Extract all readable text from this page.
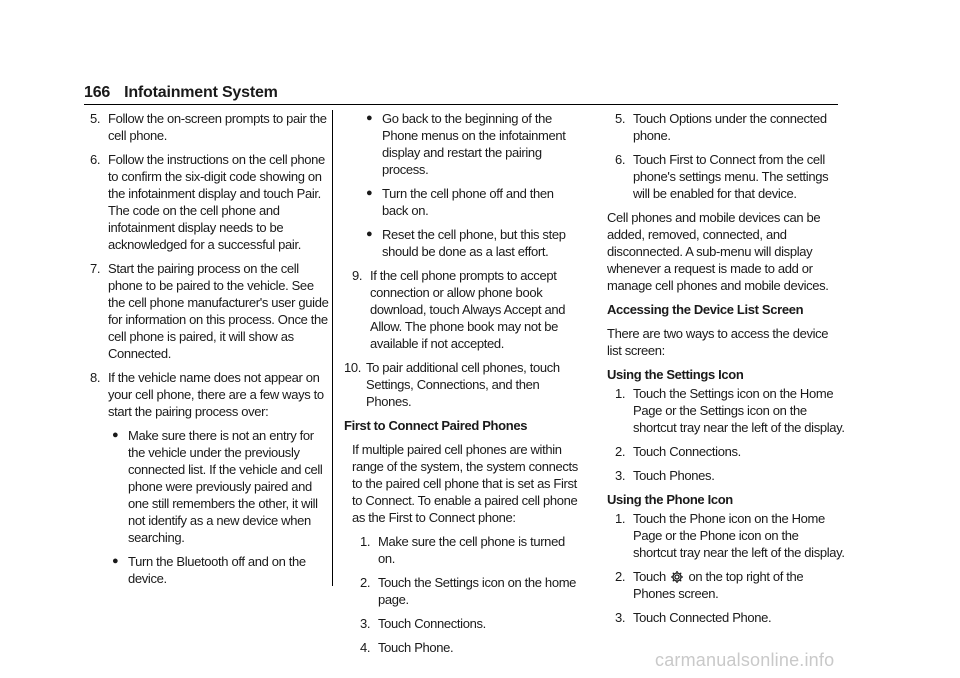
166 Infotainment System
5. Follow the on-screen prompts to pair the cell phone.
6. Follow the instructions on the cell phone to confirm the six-digit code showing on the infotainment display and touch Pair. The code on the cell phone and infotainment display needs to be acknowledged for a successful pair.
7. Start the pairing process on the cell phone to be paired to the vehicle. See the cell phone manufacturer's user guide for information on this process. Once the cell phone is paired, it will show as Connected.
8. If the vehicle name does not appear on your cell phone, there are a few ways to start the pairing process over:
● Make sure there is not an entry for the vehicle under the previously connected list. If the vehicle and cell phone were previously paired and one still remembers the other, it will not identify as a new device when searching.
● Turn the Bluetooth off and on the device.
● Go back to the beginning of the Phone menus on the infotainment display and restart the pairing process.
● Turn the cell phone off and then back on.
● Reset the cell phone, but this step should be done as a last effort.
9. If the cell phone prompts to accept connection or allow phone book download, touch Always Accept and Allow. The phone book may not be available if not accepted.
10. To pair additional cell phones, touch Settings, Connections, and then Phones.

First to Connect Paired Phones

If multiple paired cell phones are within range of the system, the system connects to the paired cell phone that is set as First to Connect. To enable a paired cell phone as the First to Connect phone:

1. Make sure the cell phone is turned on.
2. Touch the Settings icon on the home page.
3. Touch Connections.
4. Touch Phone.
5. Touch Options under the connected phone.
6. Touch First to Connect from the cell phone's settings menu. The settings will be enabled for that device.

Cell phones and mobile devices can be added, removed, connected, and disconnected. A sub-menu will display whenever a request is made to add or manage cell phones and mobile devices.

Accessing the Device List Screen

There are two ways to access the device list screen:

Using the Settings Icon

1. Touch the Settings icon on the Home Page or the Settings icon on the shortcut tray near the left of the display.
2. Touch Connections.
3. Touch Phones.

Using the Phone Icon

1. Touch the Phone icon on the Home Page or the Phone icon on the shortcut tray near the left of the display.
2. Touch on the top right of the Phones screen.
3. Touch Connected Phone.
carmanualsonline.info
